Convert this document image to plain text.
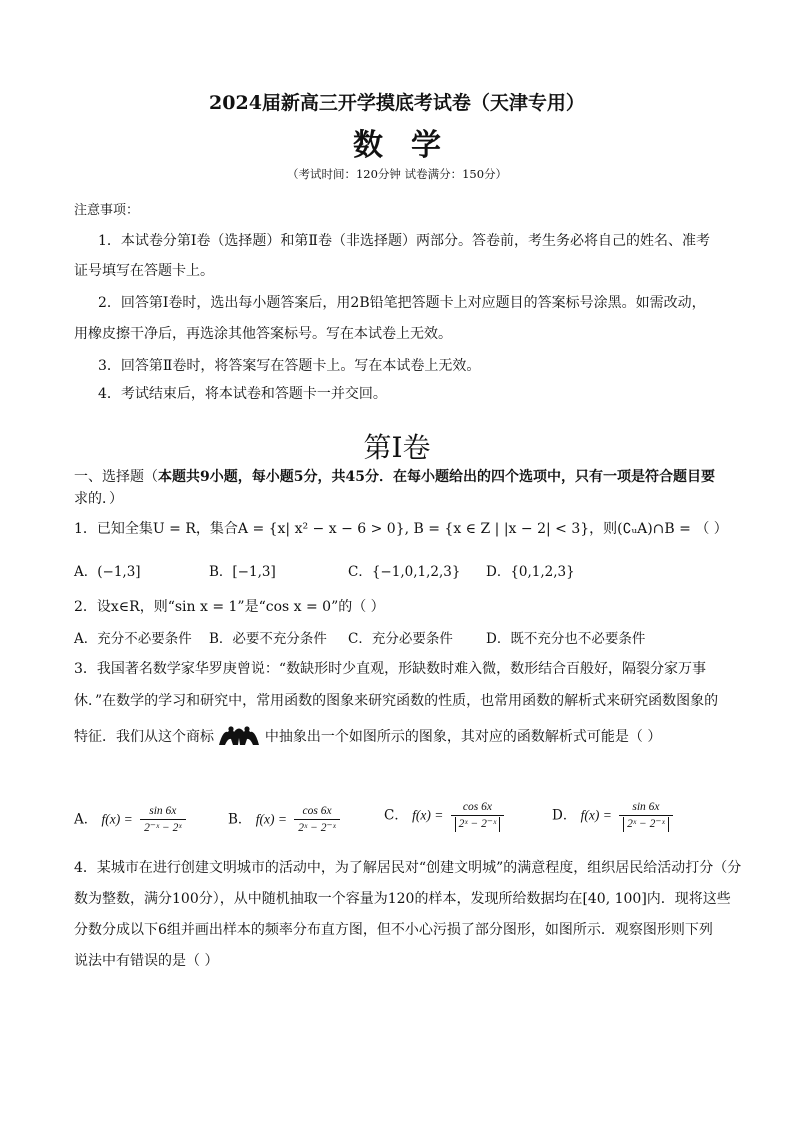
2024届新高三开学摸底考试卷（天津专用）
数学
（考试时间：120分钟 试卷满分：150分）
注意事项：
1．本试卷分第Ⅰ卷（选择题）和第Ⅱ卷（非选择题）两部分。答卷前，考生务必将自己的姓名、准考
证号填写在答题卡上。
2．回答第Ⅰ卷时，选出每小题答案后，用2B铅笔把答题卡上对应题目的答案标号涂黑。如需改动，
用橡皮擦干净后，再选涂其他答案标号。写在本试卷上无效。
3．回答第Ⅱ卷时，将答案写在答题卡上。写在本试卷上无效。
4．考试结束后，将本试卷和答题卡一并交回。
第Ⅰ卷
一、选择题（本题共9小题，每小题5分，共45分．在每小题给出的四个选项中，只有一项是符合题目要
求的．）
1．已知全集U = R，集合A = {x| x² − x − 6 > 0}, B = {x ∈ Z | |x − 2| < 3}，则(∁ᵤA)∩B = （ ）
A．(−1,3]	B．[−1,3]	C．{−1,0,1,2,3} D．{0,1,2,3}
2．设x∈R，则“sin x = 1”是“cos x = 0”的（ ）
A．充分不必要条件 B．必要不充分条件 C．充分必要条件 D．既不充分也不必要条件
3．我国著名数学家华罗庚曾说：“数缺形时少直观，形缺数时难入微，数形结合百般好，隔裂分家万事
休．”在数学的学习和研究中，常用函数的图象来研究函数的性质，也常用函数的解析式来研究函数图象的
特征．我们从这个商标	中抽象出一个如图所示的图象，其对应的函数解析式可能是（ ）
A． $f(x) = \frac{\sin 6x}{\text{2⁻ˣ − 2ˣ}}$	B． $f(x) = \frac{\cos 6x}{\text{2ˣ − 2⁻ˣ}}$	C． $f(x) = \frac{\cos 6x}{\text{2ˣ − 2⁻ˣ}}$	D． $f(x) = \frac{\sin 6x}{\text{2ˣ − 2⁻ˣ}}$
4．某城市在进行创建文明城市的活动中，为了解居民对“创建文明城”的满意程度，组织居民给活动打分（分
数为整数，满分100分），从中随机抽取一个容量为120的样本，发现所给数据均在[40, 100]内．现将这些
分数分成以下6组并画出样本的频率分布直方图，但不小心污损了部分图形，如图所示．观察图形则下列
说法中有错误的是（ ）
